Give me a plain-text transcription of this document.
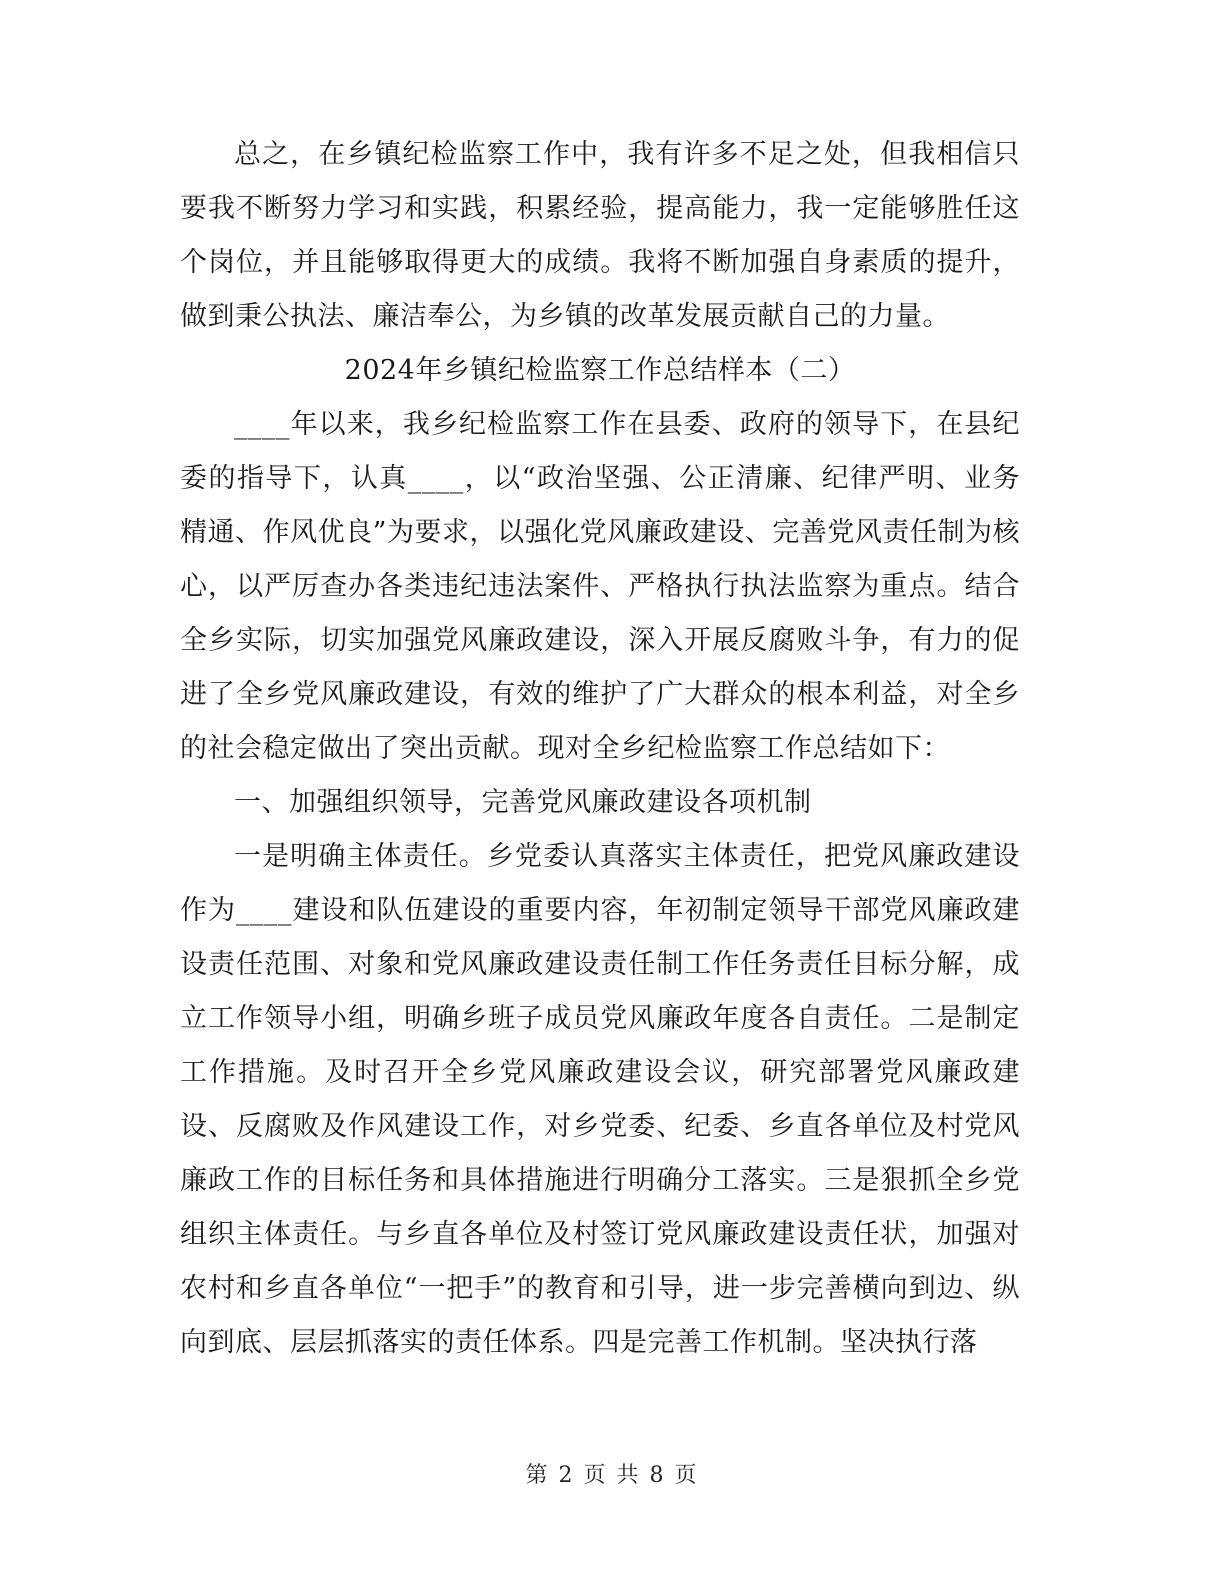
总之，在乡镇纪检监察工作中，我有许多不足之处，但我相信只要我不断努力学习和实践，积累经验，提高能力，我一定能够胜任这个岗位，并且能够取得更大的成绩。我将不断加强自身素质的提升，做到秉公执法、廉洁奉公，为乡镇的改革发展贡献自己的力量。

2024年乡镇纪检监察工作总结样本（二）

____年以来，我乡纪检监察工作在县委、政府的领导下，在县纪委的指导下，认真____，以“政治坚强、公正清廉、纪律严明、业务精通、作风优良”为要求，以强化党风廉政建设、完善党风责任制为核心，以严厉查办各类违纪违法案件、严格执行执法监察为重点。结合全乡实际，切实加强党风廉政建设，深入开展反腐败斗争，有力的促进了全乡党风廉政建设，有效的维护了广大群众的根本利益，对全乡的社会稳定做出了突出贡献。现对全乡纪检监察工作总结如下：

一、加强组织领导，完善党风廉政建设各项机制

一是明确主体责任。乡党委认真落实主体责任，把党风廉政建设作为____建设和队伍建设的重要内容，年初制定领导干部党风廉政建设责任范围、对象和党风廉政建设责任制工作任务责任目标分解，成立工作领导小组，明确乡班子成员党风廉政年度各自责任。二是制定工作措施。及时召开全乡党风廉政建设会议，研究部署党风廉政建设、反腐败及作风建设工作，对乡党委、纪委、乡直各单位及村党风廉政工作的目标任务和具体措施进行明确分工落实。三是狠抓全乡党组织主体责任。与乡直各单位及村签订党风廉政建设责任状，加强对农村和乡直各单位“一把手”的教育和引导，进一步完善横向到边、纵向到底、层层抓落实的责任体系。四是完善工作机制。坚决执行落

第 2 页 共 8 页
